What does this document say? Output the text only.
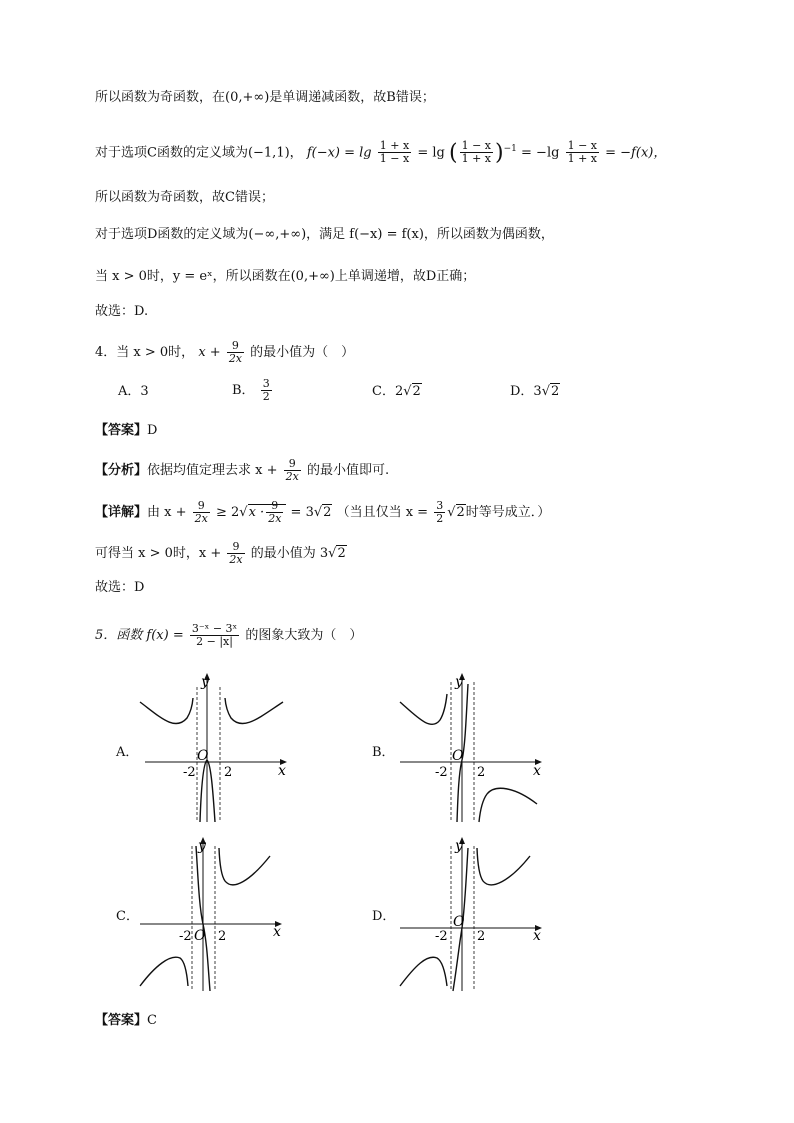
所以函数为奇函数，在(0,+∞)是单调递减函数，故B错误；
对于选项C函数的定义域为(−1,1)， $f(-x) = \lg \frac{1 + x}{1 - x} = \lg$ ( $\frac{1 - x}{1 + x} )^{-1} = -\lg \frac{1 - x}{1 + x} = -f(x)$，
所以函数为奇函数，故C错误；
对于选项D函数的定义域为(−∞,+∞)，满足 f(−x) = f(x)，所以函数为偶函数，
当 x > 0时，y = eˣ，所以函数在(0,+∞)上单调递增，故D正确；
故选：D.
4．当 x > 0时， $x + \frac{9}{2x}$ 的最小值为（　）
A．3	B． $\frac{3}{2}$	C．2√2	D．3√2
【答案】D
【分析】依据均值定理去求 $x + \frac{9}{2x}$ 的最小值即可.
【详解】由 $x + \frac{9}{2x} \ge 2√x \cdot \frac{9}{2x} = 3√2$ （当且仅当 $x = \frac{3}{2} √2$时等号成立．）
可得当 x > 0时，$x + \frac{9}{2x}$ 的最小值为 3√2
故选：D
5．函数 $f(x) = \frac{\text{3⁻ˣ − 3ˣ}}{2 - |x|}$ 的图象大致为（　）
A．	B．
C．	D．
y
x
O
-2 2
y
x
O
-2 2
y
x
O
-2 2
y
x
O
-2 2
【答案】C
